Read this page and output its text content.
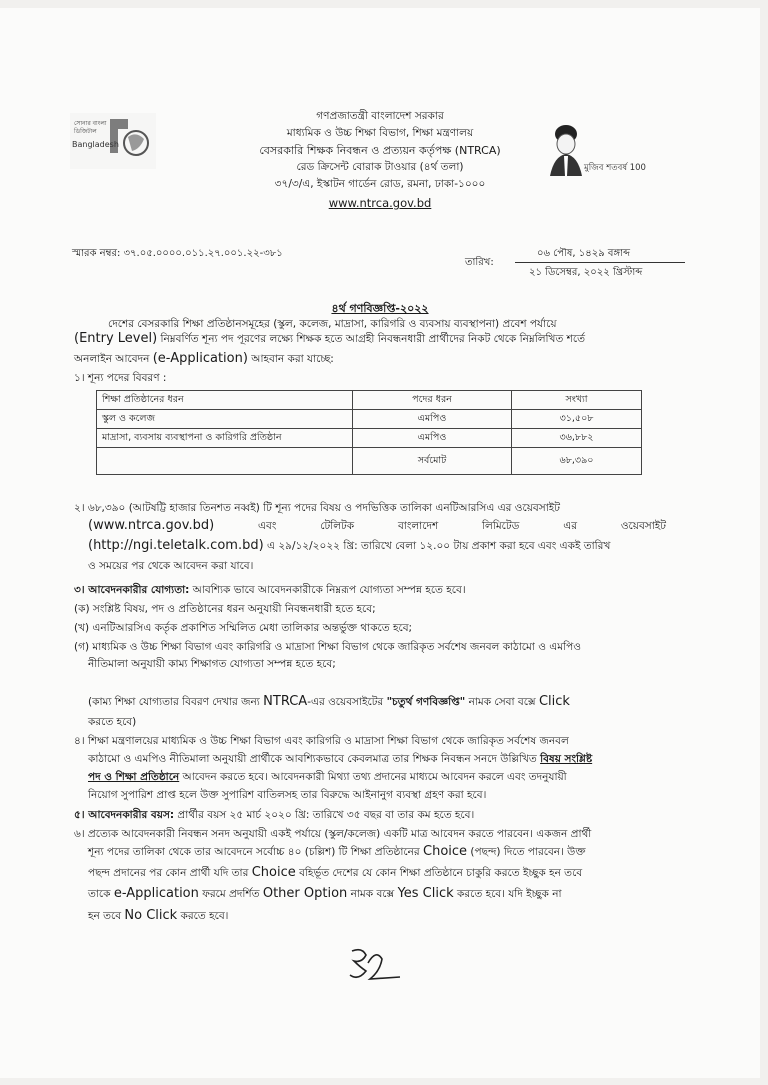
সোনার বাংলা
ডিজিটাল
Bangladesh
গণপ্রজাতন্ত্রী বাংলাদেশ সরকার
মাধ্যমিক ও উচ্চ শিক্ষা বিভাগ, শিক্ষা মন্ত্রণালয়
বেসরকারি শিক্ষক নিবন্ধন ও প্রত্যয়ন কর্তৃপক্ষ (NTRCA)
রেড ক্রিসেন্ট বোরাক টাওয়ার (৪র্থ তলা)
৩৭/৩/এ, ইস্কাটন গার্ডেন রোড, রমনা, ঢাকা-১০০০
www.ntrca.gov.bd
মুজিব শতবর্ষ 100
স্মারক নম্বর: ৩৭.০৫.০০০০.০১১.২৭.০০১.২২-৩৮১
তারিখ:
০৬ পৌষ, ১৪২৯ বঙ্গাব্দ
২১ ডিসেম্বর, ২০২২ খ্রিস্টাব্দ
৪র্থ গণবিজ্ঞপ্তি-২০২২
দেশের বেসরকারি শিক্ষা প্রতিষ্ঠানসমূহের (স্কুল, কলেজ, মাদ্রাসা, কারিগরি ও ব্যবসায় ব্যবস্থাপনা) প্রবেশ পর্যায়ে
(Entry Level) নিম্নবর্ণিত শূন্য পদ পূরণের লক্ষ্যে শিক্ষক হতে আগ্রহী নিবন্ধনধারী প্রার্থীদের নিকট থেকে নিম্নলিখিত শর্তে
অনলাইন আবেদন (e-Application) আহবান করা যাচ্ছে:
১। শূন্য পদের বিবরণ :
শিক্ষা প্রতিষ্ঠানের ধরন	পদের ধরন	সংখ্যা
স্কুল ও কলেজ	এমপিও	৩১,৫০৮
মাদ্রাসা, ব্যবসায় ব্যবস্থাপনা ও কারিগরি প্রতিষ্ঠান	এমপিও	৩৬,৮৮২
	সর্বমোট	৬৮,৩৯০
২। ৬৮,৩৯০ (আটষট্টি হাজার তিনশত নব্বই) টি শূন্য পদের বিষয় ও পদভিত্তিক তালিকা এনটিআরসিএ এর ওয়েবসাইট
(www.ntrca.gov.bd)	এবং	টেলিটক	বাংলাদেশ	লিমিটেড	এর	ওয়েবসাইট
(http://ngi.teletalk.com.bd) এ ২৯/১২/২০২২ খ্রি: তারিখে বেলা ১২.০০ টায় প্রকাশ করা হবে এবং একই তারিখ
ও সময়ের পর থেকে আবেদন করা যাবে।
৩। আবেদনকারীর যোগ্যতা: আবশ্যিক ভাবে আবেদনকারীকে নিম্নরূপ যোগ্যতা সম্পন্ন হতে হবে।
(ক) সংশ্লিষ্ট বিষয়, পদ ও প্রতিষ্ঠানের ধরন অনুযায়ী নিবন্ধনধারী হতে হবে;
(খ) এনটিআরসিএ কর্তৃক প্রকাশিত সম্মিলিত মেধা তালিকার অন্তর্ভুক্ত থাকতে হবে;
(গ) মাধ্যমিক ও উচ্চ শিক্ষা বিভাগ এবং কারিগরি ও মাদ্রাসা শিক্ষা বিভাগ থেকে জারিকৃত সর্বশেষ জনবল কাঠামো ও এমপিও
নীতিমালা অনুযায়ী কাম্য শিক্ষাগত যোগ্যতা সম্পন্ন হতে হবে;
(কাম্য শিক্ষা যোগ্যতার বিবরণ দেখার জন্য NTRCA-এর ওয়েবসাইটের "চতুর্থ গণবিজ্ঞপ্তি" নামক সেবা বক্সে Click
করতে হবে)
৪। শিক্ষা মন্ত্রণালয়ের মাধ্যমিক ও উচ্চ শিক্ষা বিভাগ এবং কারিগরি ও মাদ্রাসা শিক্ষা বিভাগ থেকে জারিকৃত সর্বশেষ জনবল
কাঠামো ও এমপিও নীতিমালা অনুযায়ী প্রার্থীকে আবশ্যিকভাবে কেবলমাত্র তার শিক্ষক নিবন্ধন সনদে উল্লিখিত বিষয় সংশ্লিষ্ট
পদ ও শিক্ষা প্রতিষ্ঠানে আবেদন করতে হবে। আবেদনকারী মিথ্যা তথ্য প্রদানের মাধ্যমে আবেদন করলে এবং তদনুযায়ী
নিয়োগ সুপারিশ প্রাপ্ত হলে উক্ত সুপারিশ বাতিলসহ তার বিরুদ্ধে আইনানুগ ব্যবস্থা গ্রহণ করা হবে।
৫। আবেদনকারীর বয়স: প্রার্থীর বয়স ২৫ মার্চ ২০২০ খ্রি: তারিখে ৩৫ বছর বা তার কম হতে হবে।
৬। প্রত্যেক আবেদনকারী নিবন্ধন সনদ অনুযায়ী একই পর্যায়ে (স্কুল/কলেজ) একটি মাত্র আবেদন করতে পারবেন। একজন প্রার্থী
শূন্য পদের তালিকা থেকে তার আবেদনে সর্বোচ্চ ৪০ (চল্লিশ) টি শিক্ষা প্রতিষ্ঠানের Choice (পছন্দ) দিতে পারবেন। উক্ত
পছন্দ প্রদানের পর কোন প্রার্থী যদি তার Choice বহির্ভূত দেশের যে কোন শিক্ষা প্রতিষ্ঠানে চাকুরি করতে ইচ্ছুক হন তবে
তাকে e-Application ফরমে প্রদর্শিত Other Option নামক বক্সে Yes Click করতে হবে। যদি ইচ্ছুক না
হন তবে No Click করতে হবে।
